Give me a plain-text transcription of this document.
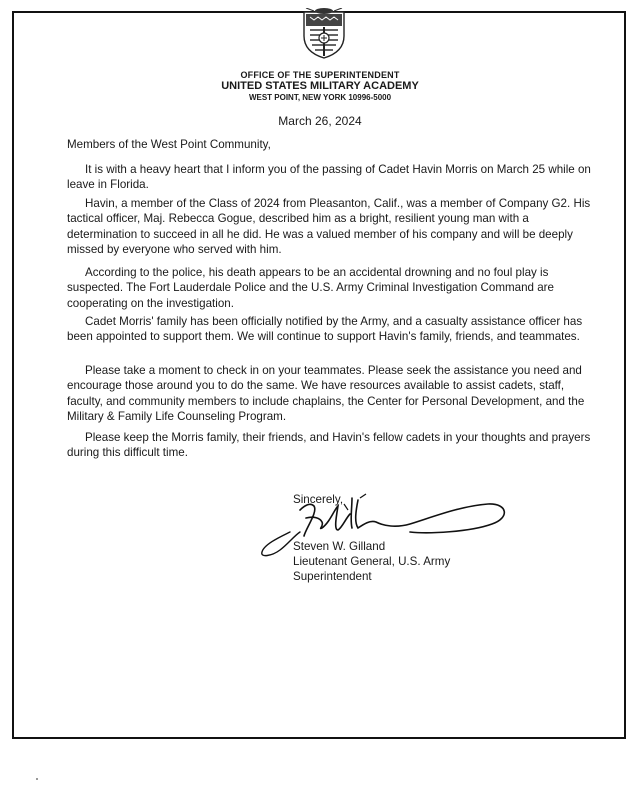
OFFICE OF THE SUPERINTENDENT
UNITED STATES MILITARY ACADEMY
WEST POINT, NEW YORK 10996-5000
March 26, 2024

Members of the West Point Community,

It is with a heavy heart that I inform you of the passing of Cadet Havin Morris on March 25 while on leave in Florida.

Havin, a member of the Class of 2024 from Pleasanton, Calif., was a member of Company G2. His tactical officer, Maj. Rebecca Gogue, described him as a bright, resilient young man with a determination to succeed in all he did. He was a valued member of his company and will be deeply missed by everyone who served with him.

According to the police, his death appears to be an accidental drowning and no foul play is suspected. The Fort Lauderdale Police and the U.S. Army Criminal Investigation Command are cooperating on the investigation.

Cadet Morris' family has been officially notified by the Army, and a casualty assistance officer has been appointed to support them. We will continue to support Havin's family, friends, and teammates.

Please take a moment to check in on your teammates. Please seek the assistance you need and encourage those around you to do the same. We have resources available to assist cadets, staff, faculty, and community members to include chaplains, the Center for Personal Development, and the Military & Family Life Counseling Program.

Please keep the Morris family, their friends, and Havin's fellow cadets in your thoughts and prayers during this difficult time.

Sincerely,
Steven W. Gilland
Lieutenant General, U.S. Army
Superintendent
